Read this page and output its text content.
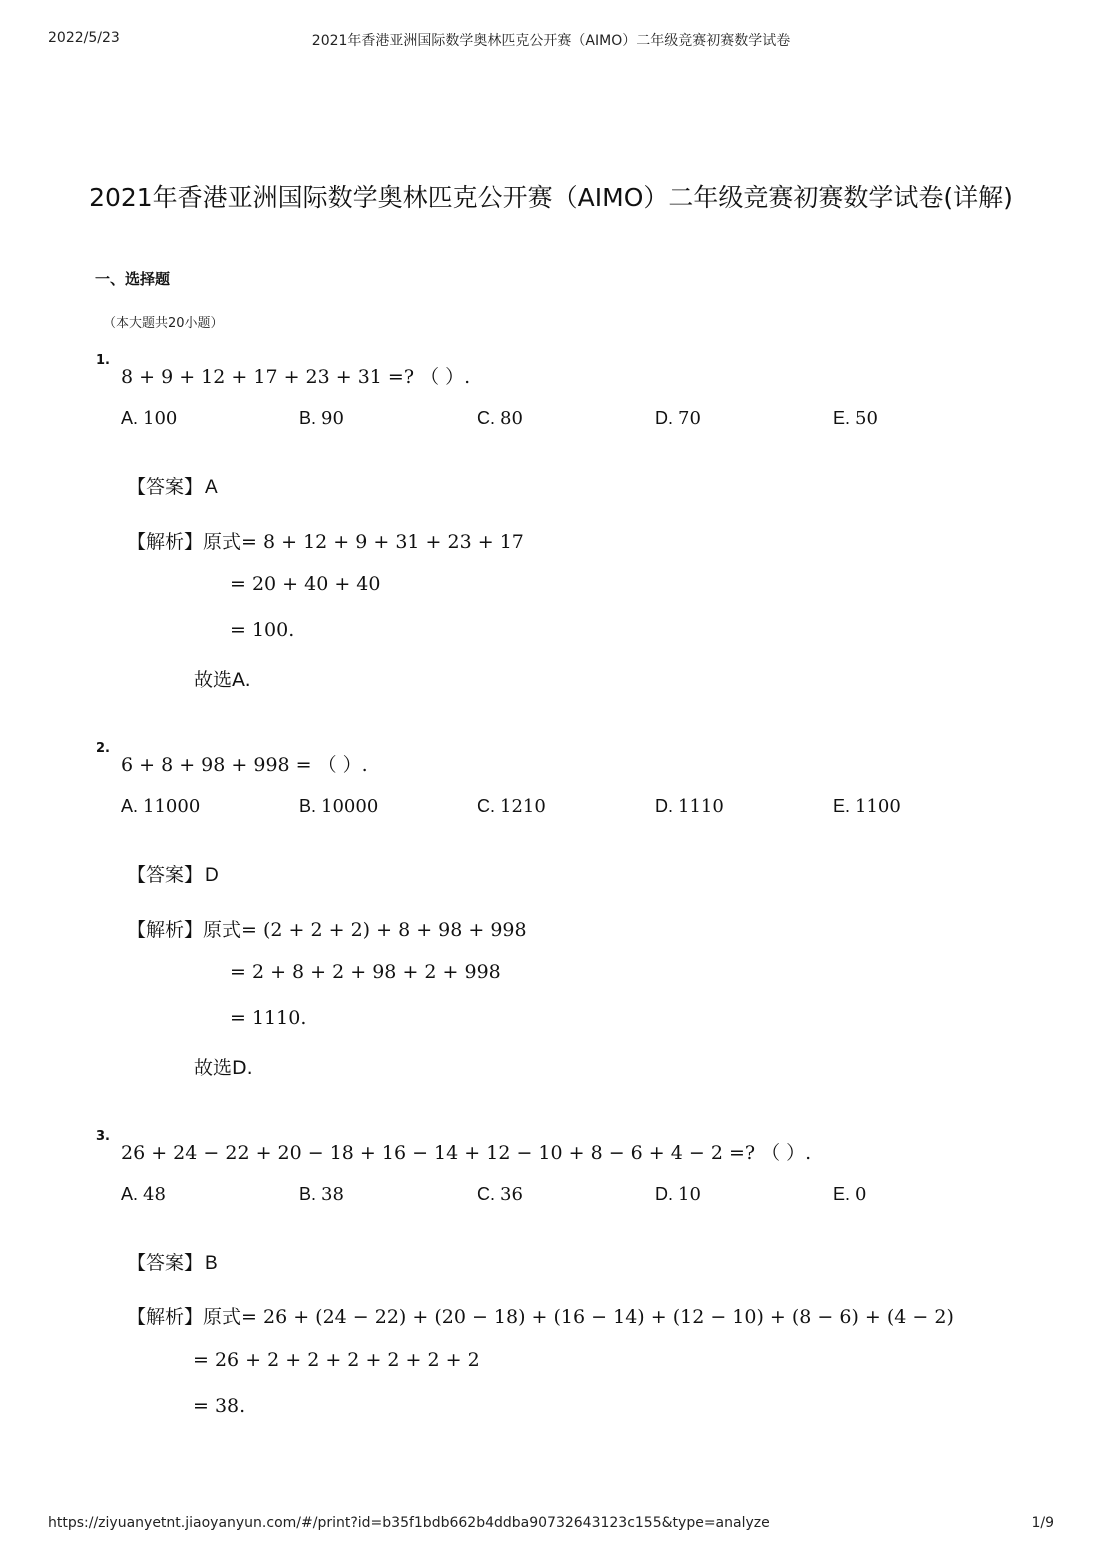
2022/5/23	2021年香港亚洲国际数学奥林匹克公开赛（AIMO）二年级竞赛初赛数学试卷
2021年香港亚洲国际数学奥林匹克公开赛（AIMO）二年级竞赛初赛数学试卷(详解)
一、选择题
（本大题共20小题）
1.
8 + 9 + 12 + 17 + 23 + 31 =? （ ）.
A. 100	B. 90	C. 80	D. 70	E. 50
【答案】 A
【解析】原式= 8 + 12 + 9 + 31 + 23 + 17
= 20 + 40 + 40
= 100.
故选A.
2.
6 + 8 + 98 + 998 = （ ）.
A. 11000	B. 10000	C. 1210	D. 1110	E. 1100
【答案】 D
【解析】原式= (2 + 2 + 2) + 8 + 98 + 998
= 2 + 8 + 2 + 98 + 2 + 998
= 1110.
故选D.
3.
26 + 24 − 22 + 20 − 18 + 16 − 14 + 12 − 10 + 8 − 6 + 4 − 2 =? （ ）.
A. 48	B. 38	C. 36	D. 10	E. 0
【答案】 B
【解析】原式= 26 + (24 − 22) + (20 − 18) + (16 − 14) + (12 − 10) + (8 − 6) + (4 − 2)
= 26 + 2 + 2 + 2 + 2 + 2 + 2
= 38.
https://ziyuanyetnt.jiaoyanyun.com/#/print?id=b35f1bdb662b4ddba90732643123c155&type=analyze	1/9
